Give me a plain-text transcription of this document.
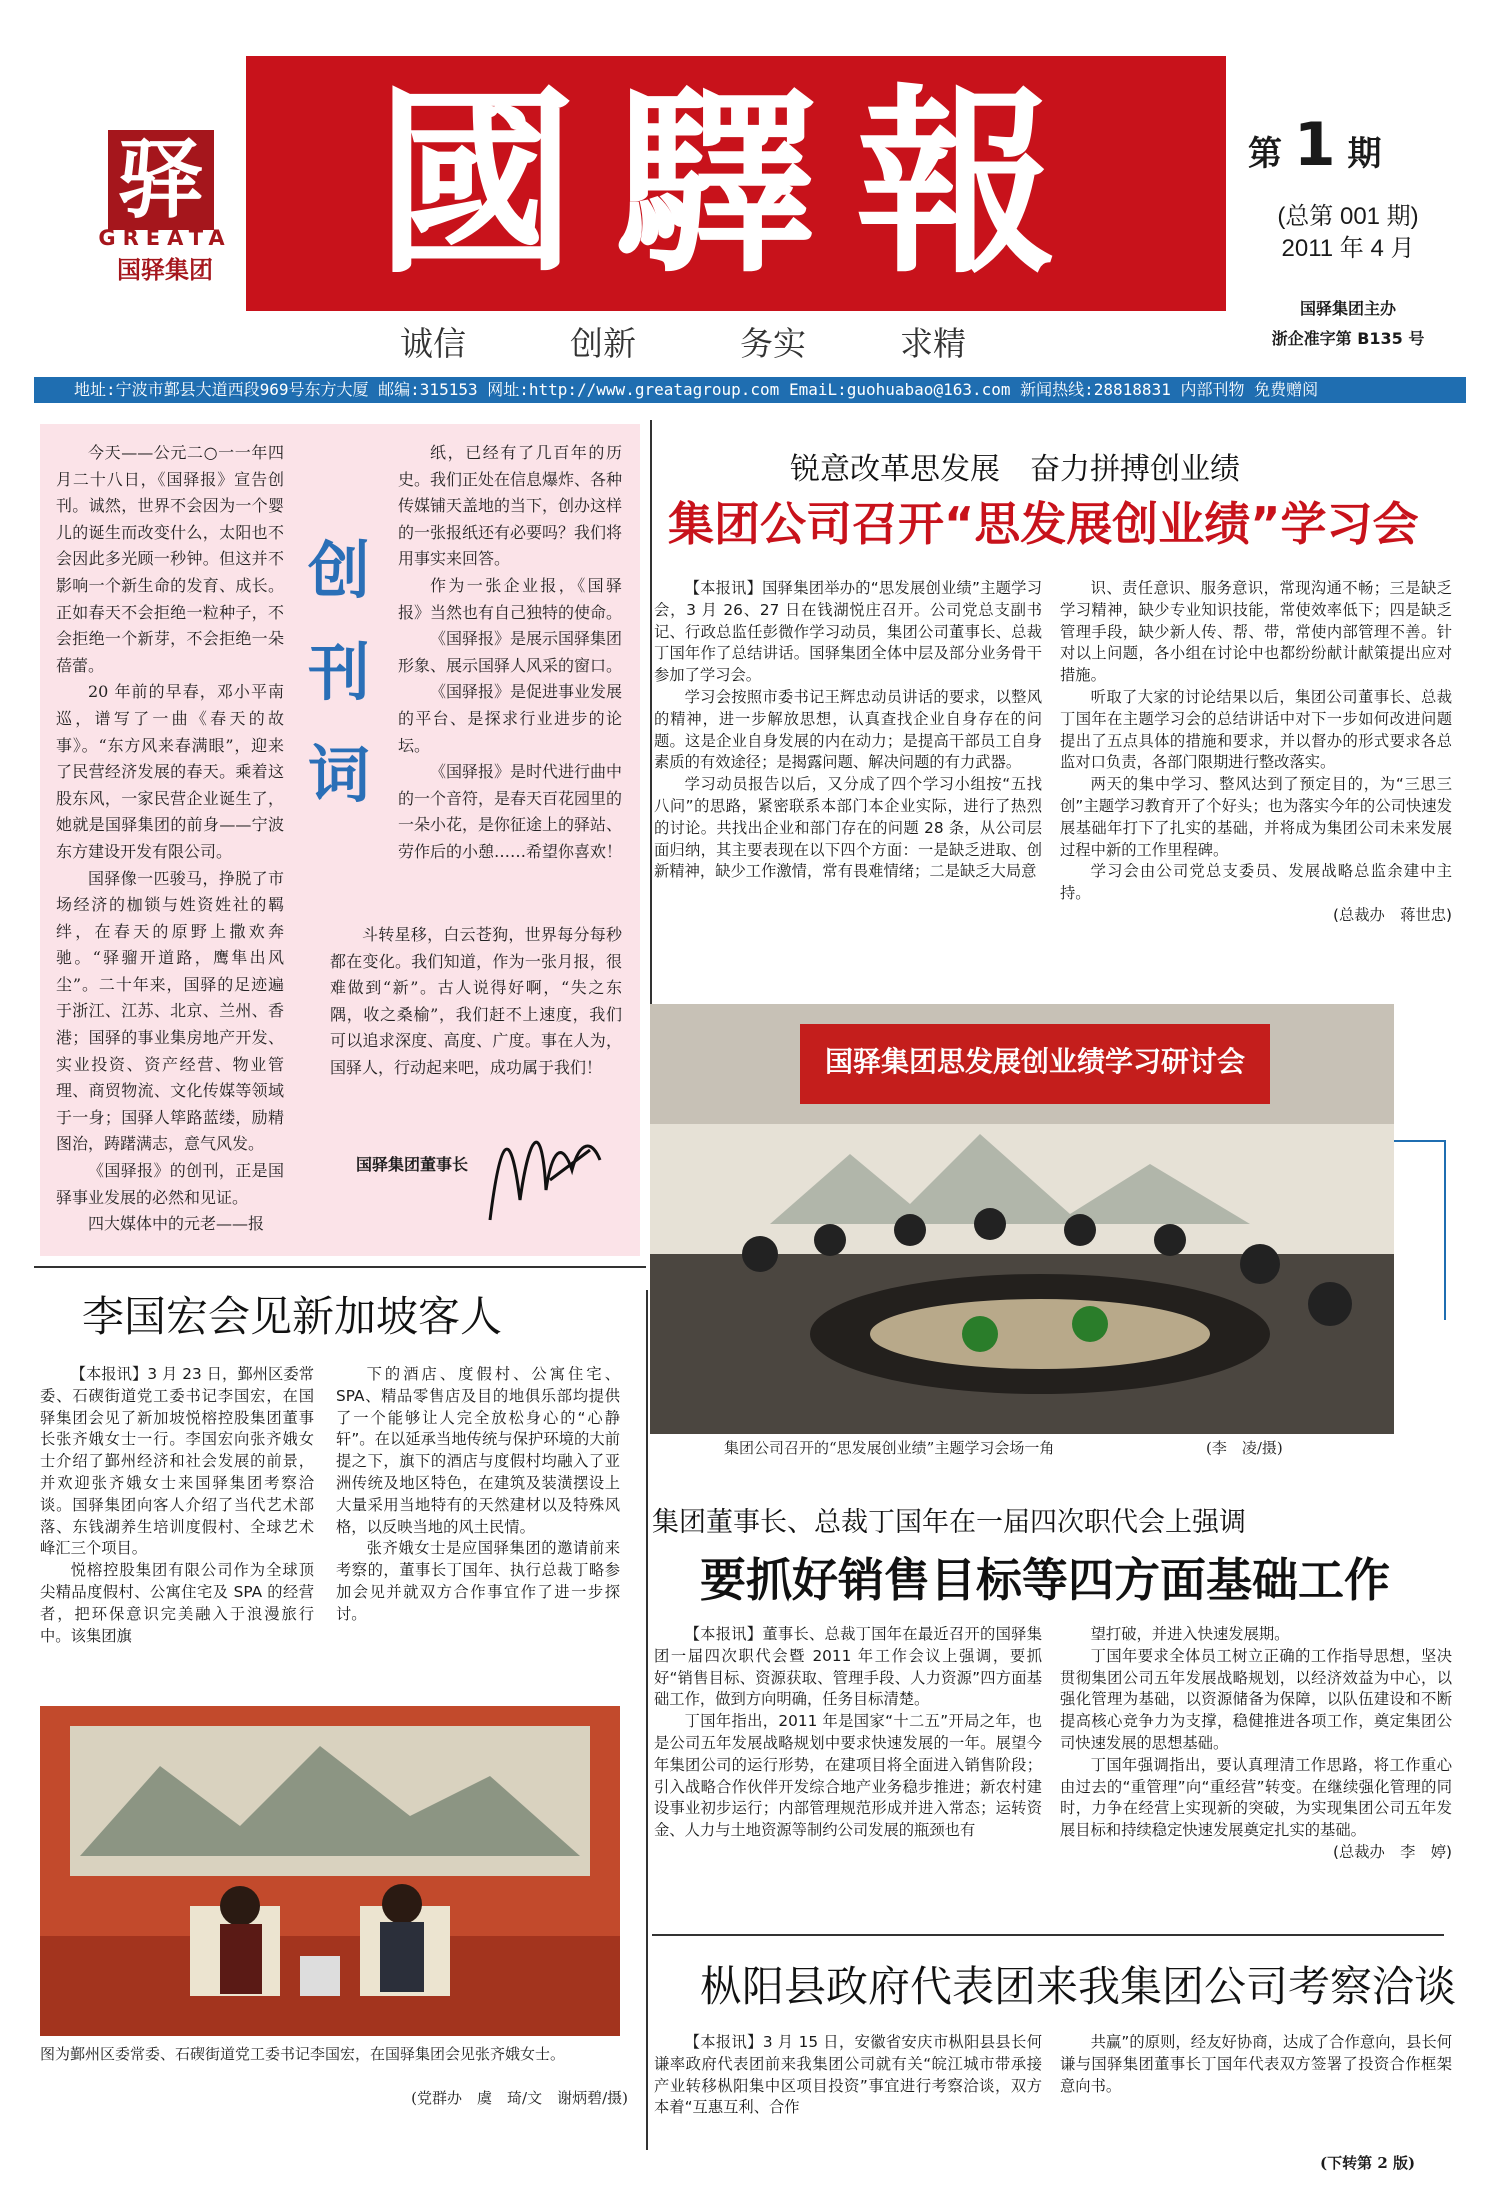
驿
GREATA
国驿集团 國驛報	第 1 期
(总第 001 期)
2011 年 4 月
国驿集团主办
浙企准字第 B135 号
诚信	创新	务实	求精
地址:宁波市鄞县大道西段969号东方大厦 邮编:315153 网址:http://www.greatagroup.com EmaiL:guohuabao@163.com 新闻热线:28818831 内部刊物 免费赠阅

今天——公元二○一一年四月二十八日，《国驿报》宣告创刊。诚然，世界不会因为一个婴儿的诞生而改变什么，太阳也不会因此多光顾一秒钟。但这并不影响一个新生命的发育、成长。正如春天不会拒绝一粒种子，不会拒绝一个新芽，不会拒绝一朵蓓蕾。

20 年前的早春，邓小平南巡，谱写了一曲《春天的故事》。“东方风来春满眼”，迎来了民营经济发展的春天。乘着这股东风，一家民营企业诞生了，她就是国驿集团的前身——宁波东方建设开发有限公司。

国驿像一匹骏马，挣脱了市场经济的枷锁与姓资姓社的羁绊，在春天的原野上撒欢奔驰。“驿骝开道路，鹰隼出风尘”。二十年来，国驿的足迹遍于浙江、江苏、北京、兰州、香港；国驿的事业集房地产开发、实业投资、资产经营、物业管理、商贸物流、文化传媒等领域于一身；国驿人筚路蓝缕，励精图治，踌躇满志，意气风发。

《国驿报》的创刊，正是国驿事业发展的必然和见证。

四大媒体中的元老——报

创刊词

纸，已经有了几百年的历史。我们正处在信息爆炸、各种传媒铺天盖地的当下，创办这样的一张报纸还有必要吗？我们将用事实来回答。

作为一张企业报，《国驿报》当然也有自己独特的使命。

《国驿报》是展示国驿集团形象、展示国驿人风采的窗口。

《国驿报》是促进事业发展的平台、是探求行业进步的论坛。

《国驿报》是时代进行曲中的一个音符，是春天百花园里的一朵小花，是你征途上的驿站、劳作后的小憩……希望你喜欢！

斗转星移，白云苍狗，世界每分每秒都在变化。我们知道，作为一张月报，很难做到“新”。古人说得好啊，“失之东隅，收之桑榆”，我们赶不上速度，我们可以追求深度、高度、广度。事在人为，国驿人，行动起来吧，成功属于我们！

国驿集团董事长
锐意改革思发展　奋力拼搏创业绩
集团公司召开“思发展创业绩”学习会

【本报讯】国驿集团举办的“思发展创业绩”主题学习会，3 月 26、27 日在钱湖悦庄召开。公司党总支副书记、行政总监任彭微作学习动员，集团公司董事长、总裁丁国年作了总结讲话。国驿集团全体中层及部分业务骨干参加了学习会。

学习会按照市委书记王辉忠动员讲话的要求，以整风的精神，进一步解放思想，认真查找企业自身存在的问题。这是企业自身发展的内在动力；是提高干部员工自身素质的有效途径；是揭露问题、解决问题的有力武器。

学习动员报告以后，又分成了四个学习小组按“五找八问”的思路，紧密联系本部门本企业实际，进行了热烈的讨论。共找出企业和部门存在的问题 28 条，从公司层面归纳，其主要表现在以下四个方面：一是缺乏进取、创新精神，缺少工作激情，常有畏难情绪；二是缺乏大局意

识、责任意识、服务意识，常现沟通不畅；三是缺乏学习精神，缺少专业知识技能，常使效率低下；四是缺乏管理手段，缺少新人传、帮、带，常使内部管理不善。针对以上问题，各小组在讨论中也都纷纷献计献策提出应对措施。

听取了大家的讨论结果以后，集团公司董事长、总裁丁国年在主题学习会的总结讲话中对下一步如何改进问题提出了五点具体的措施和要求，并以督办的形式要求各总监对口负责，各部门限期进行整改落实。

两天的集中学习、整风达到了预定目的，为“三思三创”主题学习教育开了个好头；也为落实今年的公司快速发展基础年打下了扎实的基础，并将成为集团公司未来发展过程中新的工作里程碑。

学习会由公司党总支委员、发展战略总监余建中主持。

(总裁办　蒋世忠)
国驿集团思发展创业绩学习研讨会
集团公司召开的“思发展创业绩”主题学习会场一角	(李　凌/摄)
李国宏会见新加坡客人

【本报讯】3 月 23 日，鄞州区委常委、石碶街道党工委书记李国宏，在国驿集团会见了新加坡悦榕控股集团董事长张齐娥女士一行。李国宏向张齐娥女士介绍了鄞州经济和社会发展的前景，并欢迎张齐娥女士来国驿集团考察洽谈。国驿集团向客人介绍了当代艺术部落、东钱湖养生培训度假村、全球艺术峰汇三个项目。

悦榕控股集团有限公司作为全球顶尖精品度假村、公寓住宅及 SPA 的经营者，把环保意识完美融入于浪漫旅行中。该集团旗

下的酒店、度假村、公寓住宅、SPA、精品零售店及目的地俱乐部均提供了一个能够让人完全放松身心的“心静轩”。在以延承当地传统与保护环境的大前提之下，旗下的酒店与度假村均融入了亚洲传统及地区特色，在建筑及装潢摆设上大量采用当地特有的天然建材以及特殊风格，以反映当地的风土民情。

张齐娥女士是应国驿集团的邀请前来考察的，董事长丁国年、执行总裁丁略参加会见并就双方合作事宜作了进一步探讨。

图为鄞州区委常委、石碶街道党工委书记李国宏，在国驿集团会见张齐娥女士。
(党群办　虞　琦/文　谢炳碧/摄)
集团董事长、总裁丁国年在一届四次职代会上强调
要抓好销售目标等四方面基础工作

【本报讯】董事长、总裁丁国年在最近召开的国驿集团一届四次职代会暨 2011 年工作会议上强调，要抓好“销售目标、资源获取、管理手段、人力资源”四方面基础工作，做到方向明确，任务目标清楚。

丁国年指出，2011 年是国家“十二五”开局之年，也是公司五年发展战略规划中要求快速发展的一年。展望今年集团公司的运行形势，在建项目将全面进入销售阶段；引入战略合作伙伴开发综合地产业务稳步推进；新农村建设事业初步运行；内部管理规范形成并进入常态；运转资金、人力与土地资源等制约公司发展的瓶颈也有

望打破，并进入快速发展期。

丁国年要求全体员工树立正确的工作指导思想，坚决贯彻集团公司五年发展战略规划，以经济效益为中心，以强化管理为基础，以资源储备为保障，以队伍建设和不断提高核心竞争力为支撑，稳健推进各项工作，奠定集团公司快速发展的思想基础。

丁国年强调指出，要认真理清工作思路，将工作重心由过去的“重管理”向“重经营”转变。在继续强化管理的同时，力争在经营上实现新的突破，为实现集团公司五年发展目标和持续稳定快速发展奠定扎实的基础。

(总裁办　李　婷)
枞阳县政府代表团来我集团公司考察洽谈

【本报讯】3 月 15 日，安徽省安庆市枞阳县县长何谦率政府代表团前来我集团公司就有关“皖江城市带承接产业转移枞阳集中区项目投资”事宜进行考察洽谈，双方本着“互惠互利、合作

共赢”的原则，经友好协商，达成了合作意向，县长何谦与国驿集团董事长丁国年代表双方签署了投资合作框架意向书。

(下转第 2 版)
